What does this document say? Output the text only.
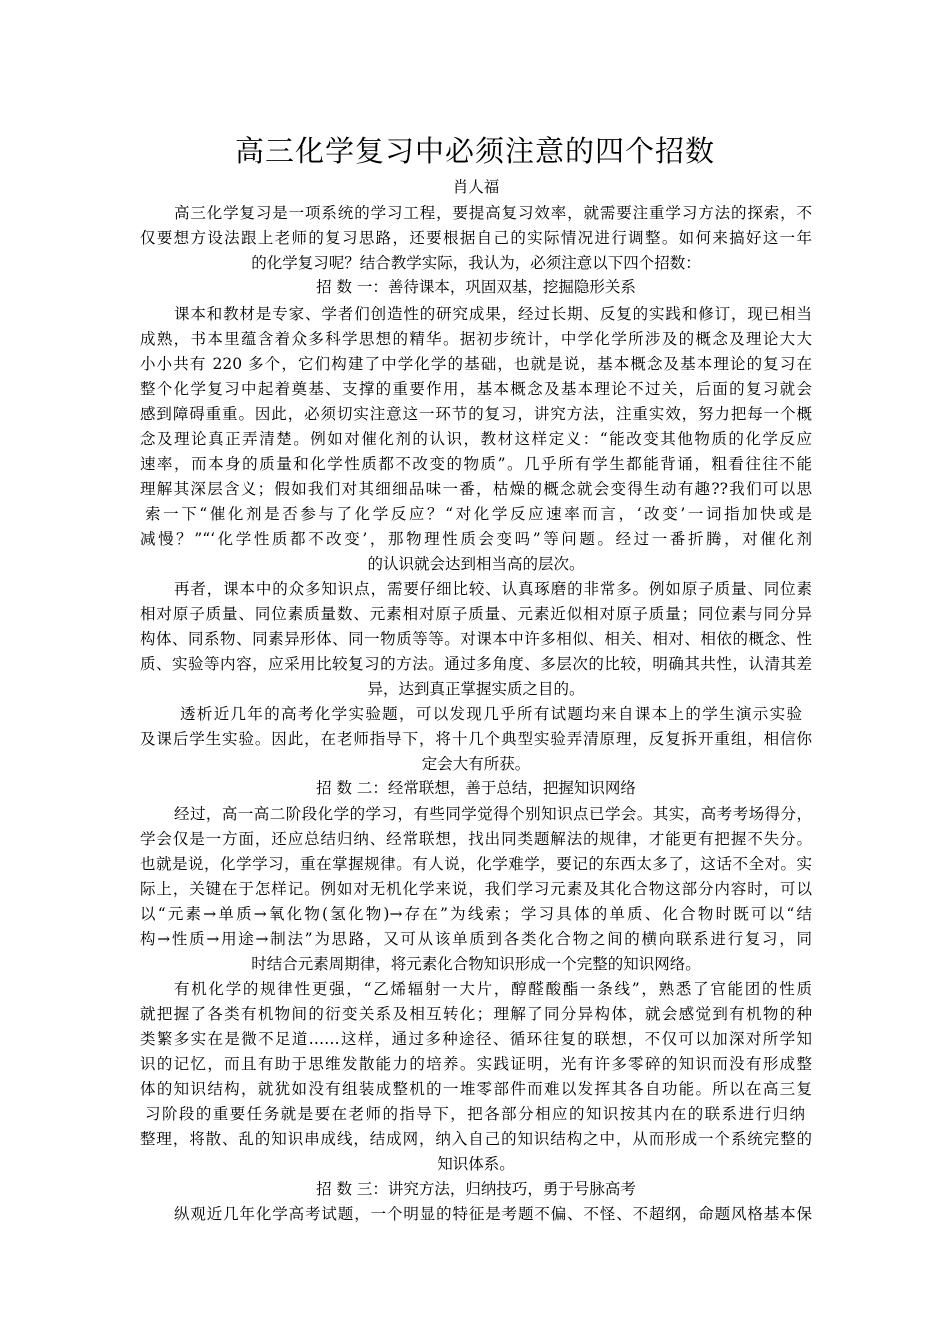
高三化学复习中必须注意的四个招数
肖人福
高三化学复习是一项系统的学习工程，要提高复习效率，就需要注重学习方法的探索，不
仅要想方设法跟上老师的复习思路，还要根据自己的实际情况进行调整。如何来搞好这一年
的化学复习呢？结合教学实际，我认为，必须注意以下四个招数：
招 数 一：善待课本，巩固双基，挖掘隐形关系
课本和教材是专家、学者们创造性的研究成果，经过长期、反复的实践和修订，现已相当
成熟，书本里蕴含着众多科学思想的精华。据初步统计，中学化学所涉及的概念及理论大大
小小共有 220 多个，它们构建了中学化学的基础，也就是说，基本概念及基本理论的复习在
整个化学复习中起着奠基、支撑的重要作用，基本概念及基本理论不过关，后面的复习就会
感到障碍重重。因此，必须切实注意这一环节的复习，讲究方法，注重实效，努力把每一个概
念及理论真正弄清楚。例如对催化剂的认识，教材这样定义：“能改变其他物质的化学反应
速率，而本身的质量和化学性质都不改变的物质”。几乎所有学生都能背诵，粗看往往不能
理解其深层含义；假如我们对其细细品味一番，枯燥的概念就会变得生动有趣??我们可以思
索一下“催化剂是否参与了化学反应？“对化学反应速率而言，‘改变’一词指加快或是
减慢？”“‘化学性质都不改变’，那物理性质会变吗”等问题。经过一番折腾，对催化剂
的认识就会达到相当高的层次。
再者，课本中的众多知识点，需要仔细比较、认真琢磨的非常多。例如原子质量、同位素
相对原子质量、同位素质量数、元素相对原子质量、元素近似相对原子质量；同位素与同分异
构体、同系物、同素异形体、同一物质等等。对课本中许多相似、相关、相对、相依的概念、性
质、实验等内容，应采用比较复习的方法。通过多角度、多层次的比较，明确其共性，认清其差
异，达到真正掌握实质之目的。
透析近几年的高考化学实验题，可以发现几乎所有试题均来自课本上的学生演示实验
及课后学生实验。因此，在老师指导下，将十几个典型实验弄清原理，反复拆开重组，相信你
定会大有所获。
招 数 二：经常联想，善于总结，把握知识网络
经过，高一高二阶段化学的学习，有些同学觉得个别知识点已学会。其实，高考考场得分，
学会仅是一方面，还应总结归纳、经常联想，找出同类题解法的规律，才能更有把握不失分。
也就是说，化学学习，重在掌握规律。有人说，化学难学，要记的东西太多了，这话不全对。实
际上，关键在于怎样记。例如对无机化学来说，我们学习元素及其化合物这部分内容时，可以
以“元素→单质→氧化物(氢化物)→存在”为线索；学习具体的单质、化合物时既可以“结
构→性质→用途→制法”为思路，又可从该单质到各类化合物之间的横向联系进行复习，同
时结合元素周期律，将元素化合物知识形成一个完整的知识网络。
有机化学的规律性更强，“乙烯辐射一大片，醇醛酸酯一条线”，熟悉了官能团的性质
就把握了各类有机物间的衍变关系及相互转化；理解了同分异构体，就会感觉到有机物的种
类繁多实在是微不足道……这样，通过多种途径、循环往复的联想，不仅可以加深对所学知
识的记忆，而且有助于思维发散能力的培养。实践证明，光有许多零碎的知识而没有形成整
体的知识结构，就犹如没有组装成整机的一堆零部件而难以发挥其各自功能。所以在高三复
习阶段的重要任务就是要在老师的指导下，把各部分相应的知识按其内在的联系进行归纳
整理，将散、乱的知识串成线，结成网，纳入自己的知识结构之中，从而形成一个系统完整的
知识体系。
招 数 三：讲究方法，归纳技巧，勇于号脉高考
纵观近几年化学高考试题，一个明显的特征是考题不偏、不怪、不超纲，命题风格基本保
